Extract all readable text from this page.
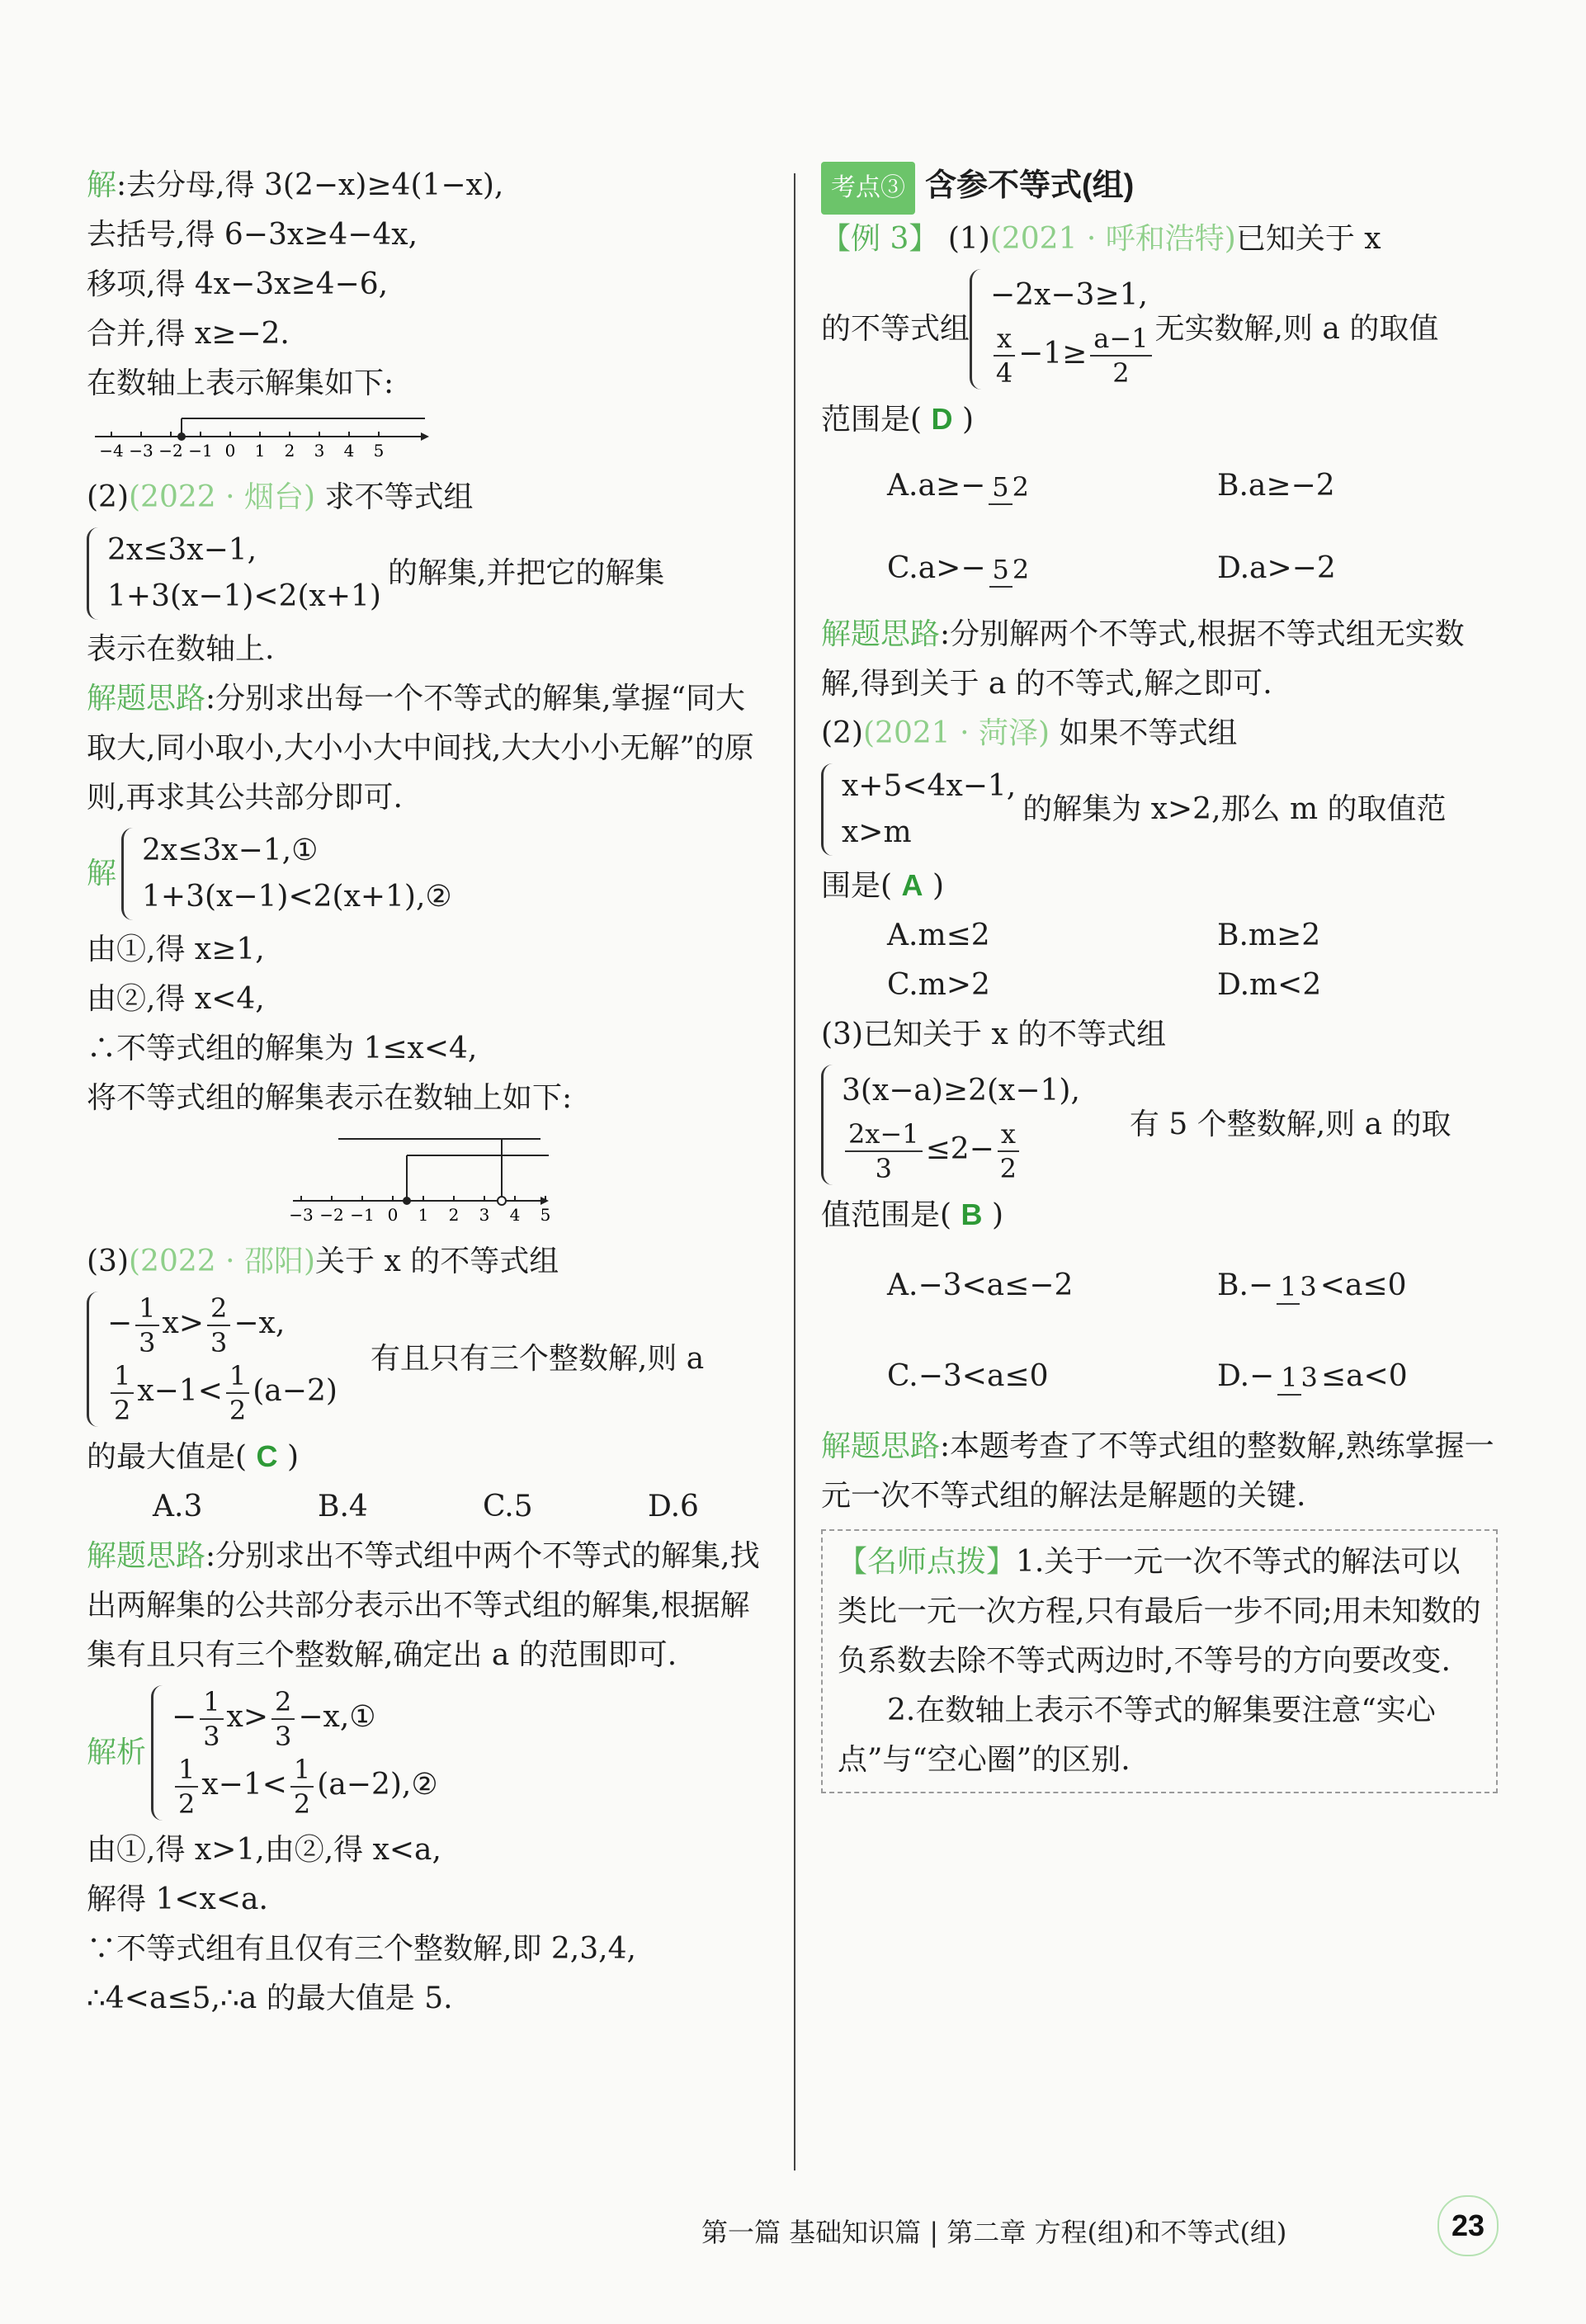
解:去分母,得 3(2−x)≥4(1−x),
去括号,得 6−3x≥4−4x,
移项,得 4x−3x≥4−6,
合并,得 x≥−2.
在数轴上表示解集如下:
−4 −3 −2 −1 0 1 2 3 4 5
(2)(2022 · 烟台) 求不等式组
2x≤3x−1,
1+3(x−1)<2(x+1)
的解集,并把它的解集
表示在数轴上.
解题思路:分别求出每一个不等式的解集,掌握“同大取大,同小取小,大小小大中间找,大大小小无解”的原则,再求其公共部分即可.
解
2x≤3x−1,①
1+3(x−1)<2(x+1),②
由①,得 x≥1,
由②,得 x<4,
∴不等式组的解集为 1≤x<4,
将不等式组的解集表示在数轴上如下:
−3 −2 −1 0 1 2 3 4 5
(3)(2022 · 邵阳)关于 x 的不等式组
− $\frac{1}{3} x> \frac{2}{3} -x$,
$\frac{1}{2} x-1< \frac{1}{2} (a-2)$
有且只有三个整数解,则 a
的最大值是( C )
A.3	B.4	C.5	D.6
解题思路:分别求出不等式组中两个不等式的解集,找出两解集的公共部分表示出不等式组的解集,根据解集有且只有三个整数解,确定出 a 的范围即可.
解析
− $\frac{1}{3} x> \frac{2}{3}$ −x,①
$\frac{1}{2} x-1< \frac{1}{2}$ (a−2),②
由①,得 x>1,由②,得 x<a,
解得 1<x<a.
∵不等式组有且仅有三个整数解,即 2,3,4,
∴4<a≤5,∴a 的最大值是 5.
考点③ 含参不等式(组)
【例 3】 (1)(2021 · 呼和浩特)已知关于 x
的不等式组
−2x−3≥1,
$\frac{x}{4} -1\ge \frac{a-1}{2}$ 无实数解,则 a 的取值
范围是( D )
A.a≥− 5 2	B.a≥−2
C.a>− 5 2	D.a>−2
解题思路:分别解两个不等式,根据不等式组无实数解,得到关于 a 的不等式,解之即可.
(2)(2021 · 菏泽) 如果不等式组
x+5<4x−1,
x>m
的解集为 x>2,那么 m 的取值范
围是( A )
A.m≤2	B.m≥2
C.m>2	D.m<2
(3)已知关于 x 的不等式组
3(x−a)≥2(x−1),
$\frac{2x-1}{3} \le 2- \frac{x}{2}$	有 5 个整数解,则 a 的取
值范围是( B )
A.−3<a≤−2	B.− 1 3 <a≤0
C.−3<a≤0	D.− 1 3 ≤a<0
解题思路:本题考查了不等式组的整数解,熟练掌握一元一次不等式组的解法是解题的关键.
【名师点拨】1.关于一元一次不等式的解法可以类比一元一次方程,只有最后一步不同;用未知数的负系数去除不等式两边时,不等号的方向要改变.
2.在数轴上表示不等式的解集要注意“实心点”与“空心圈”的区别.
第一篇 基础知识篇 | 第二章 方程(组)和不等式(组)	23
